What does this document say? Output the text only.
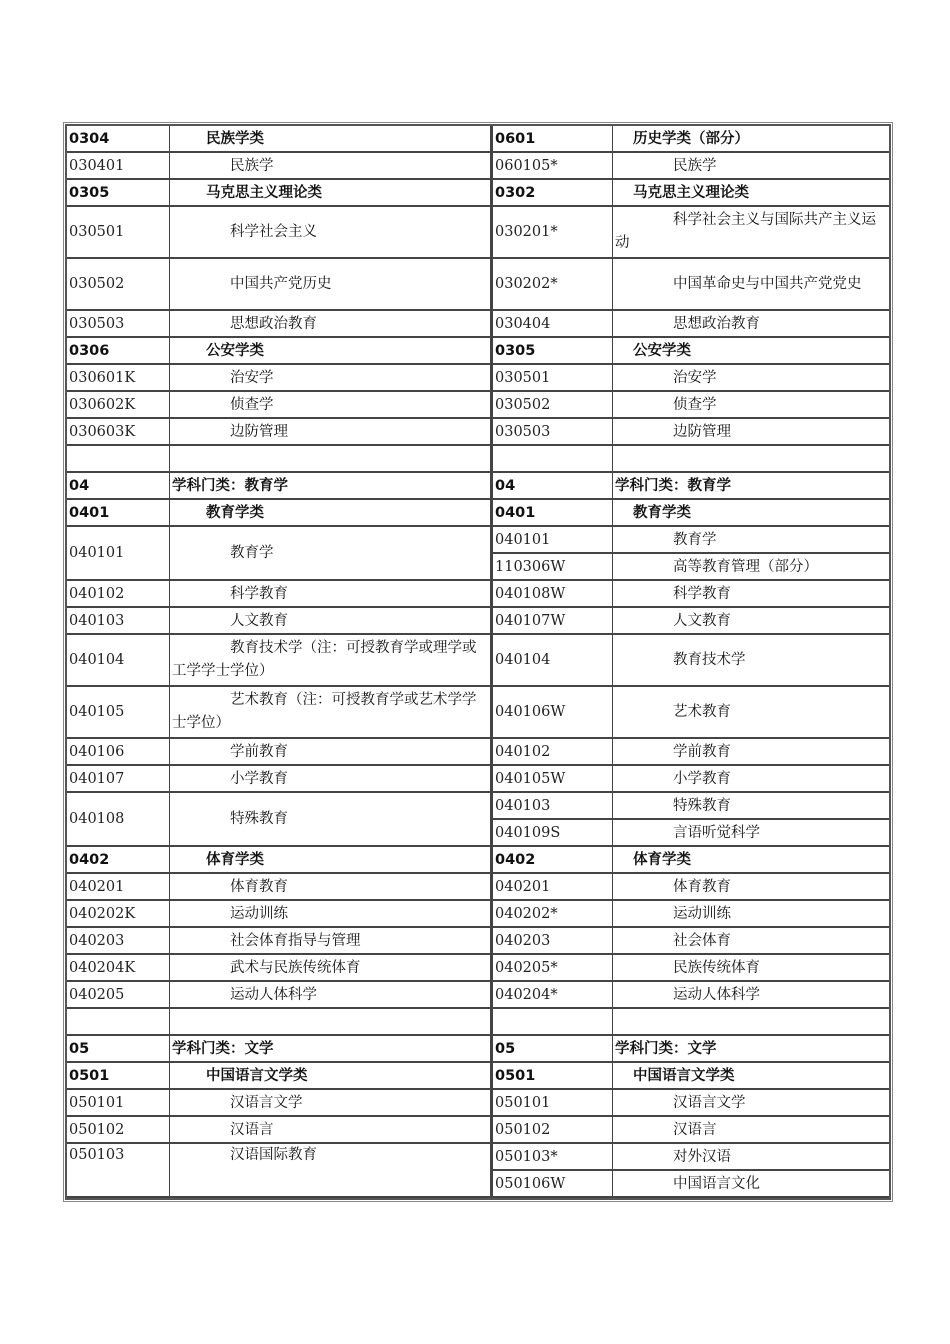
0304	民族学类	0601	历史学类（部分）
030401	民族学	060105*	民族学
0305	马克思主义理论类	0302	马克思主义理论类
030501	科学社会主义	030201*	科学社会主义与国际共产主义运动
030502	中国共产党历史	030202*	中国革命史与中国共产党党史
030503	思想政治教育	030404	思想政治教育
0306	公安学类	0305	公安学类
030601K	治安学	030501	治安学
030602K	侦查学	030502	侦查学
030603K	边防管理	030503	边防管理

04	学科门类：教育学	04	学科门类：教育学
0401	教育学类	0401	教育学类
040101	教育学	040101	教育学
		110306W	高等教育管理（部分）
040102	科学教育	040108W	科学教育
040103	人文教育	040107W	人文教育
040104	教育技术学（注：可授教育学或理学或工学学士学位）	040104	教育技术学
040105	艺术教育（注：可授教育学或艺术学学士学位）	040106W	艺术教育
040106	学前教育	040102	学前教育
040107	小学教育	040105W	小学教育
040108	特殊教育	040103	特殊教育
		040109S	言语听觉科学
0402	体育学类	0402	体育学类
040201	体育教育	040201	体育教育
040202K	运动训练	040202*	运动训练
040203	社会体育指导与管理	040203	社会体育
040204K	武术与民族传统体育	040205*	民族传统体育
040205	运动人体科学	040204*	运动人体科学

05	学科门类：文学	05	学科门类：文学
0501	中国语言文学类	0501	中国语言文学类
050101	汉语言文学	050101	汉语言文学
050102	汉语言	050102	汉语言
050103	汉语国际教育	050103*	对外汉语
		050106W	中国语言文化
